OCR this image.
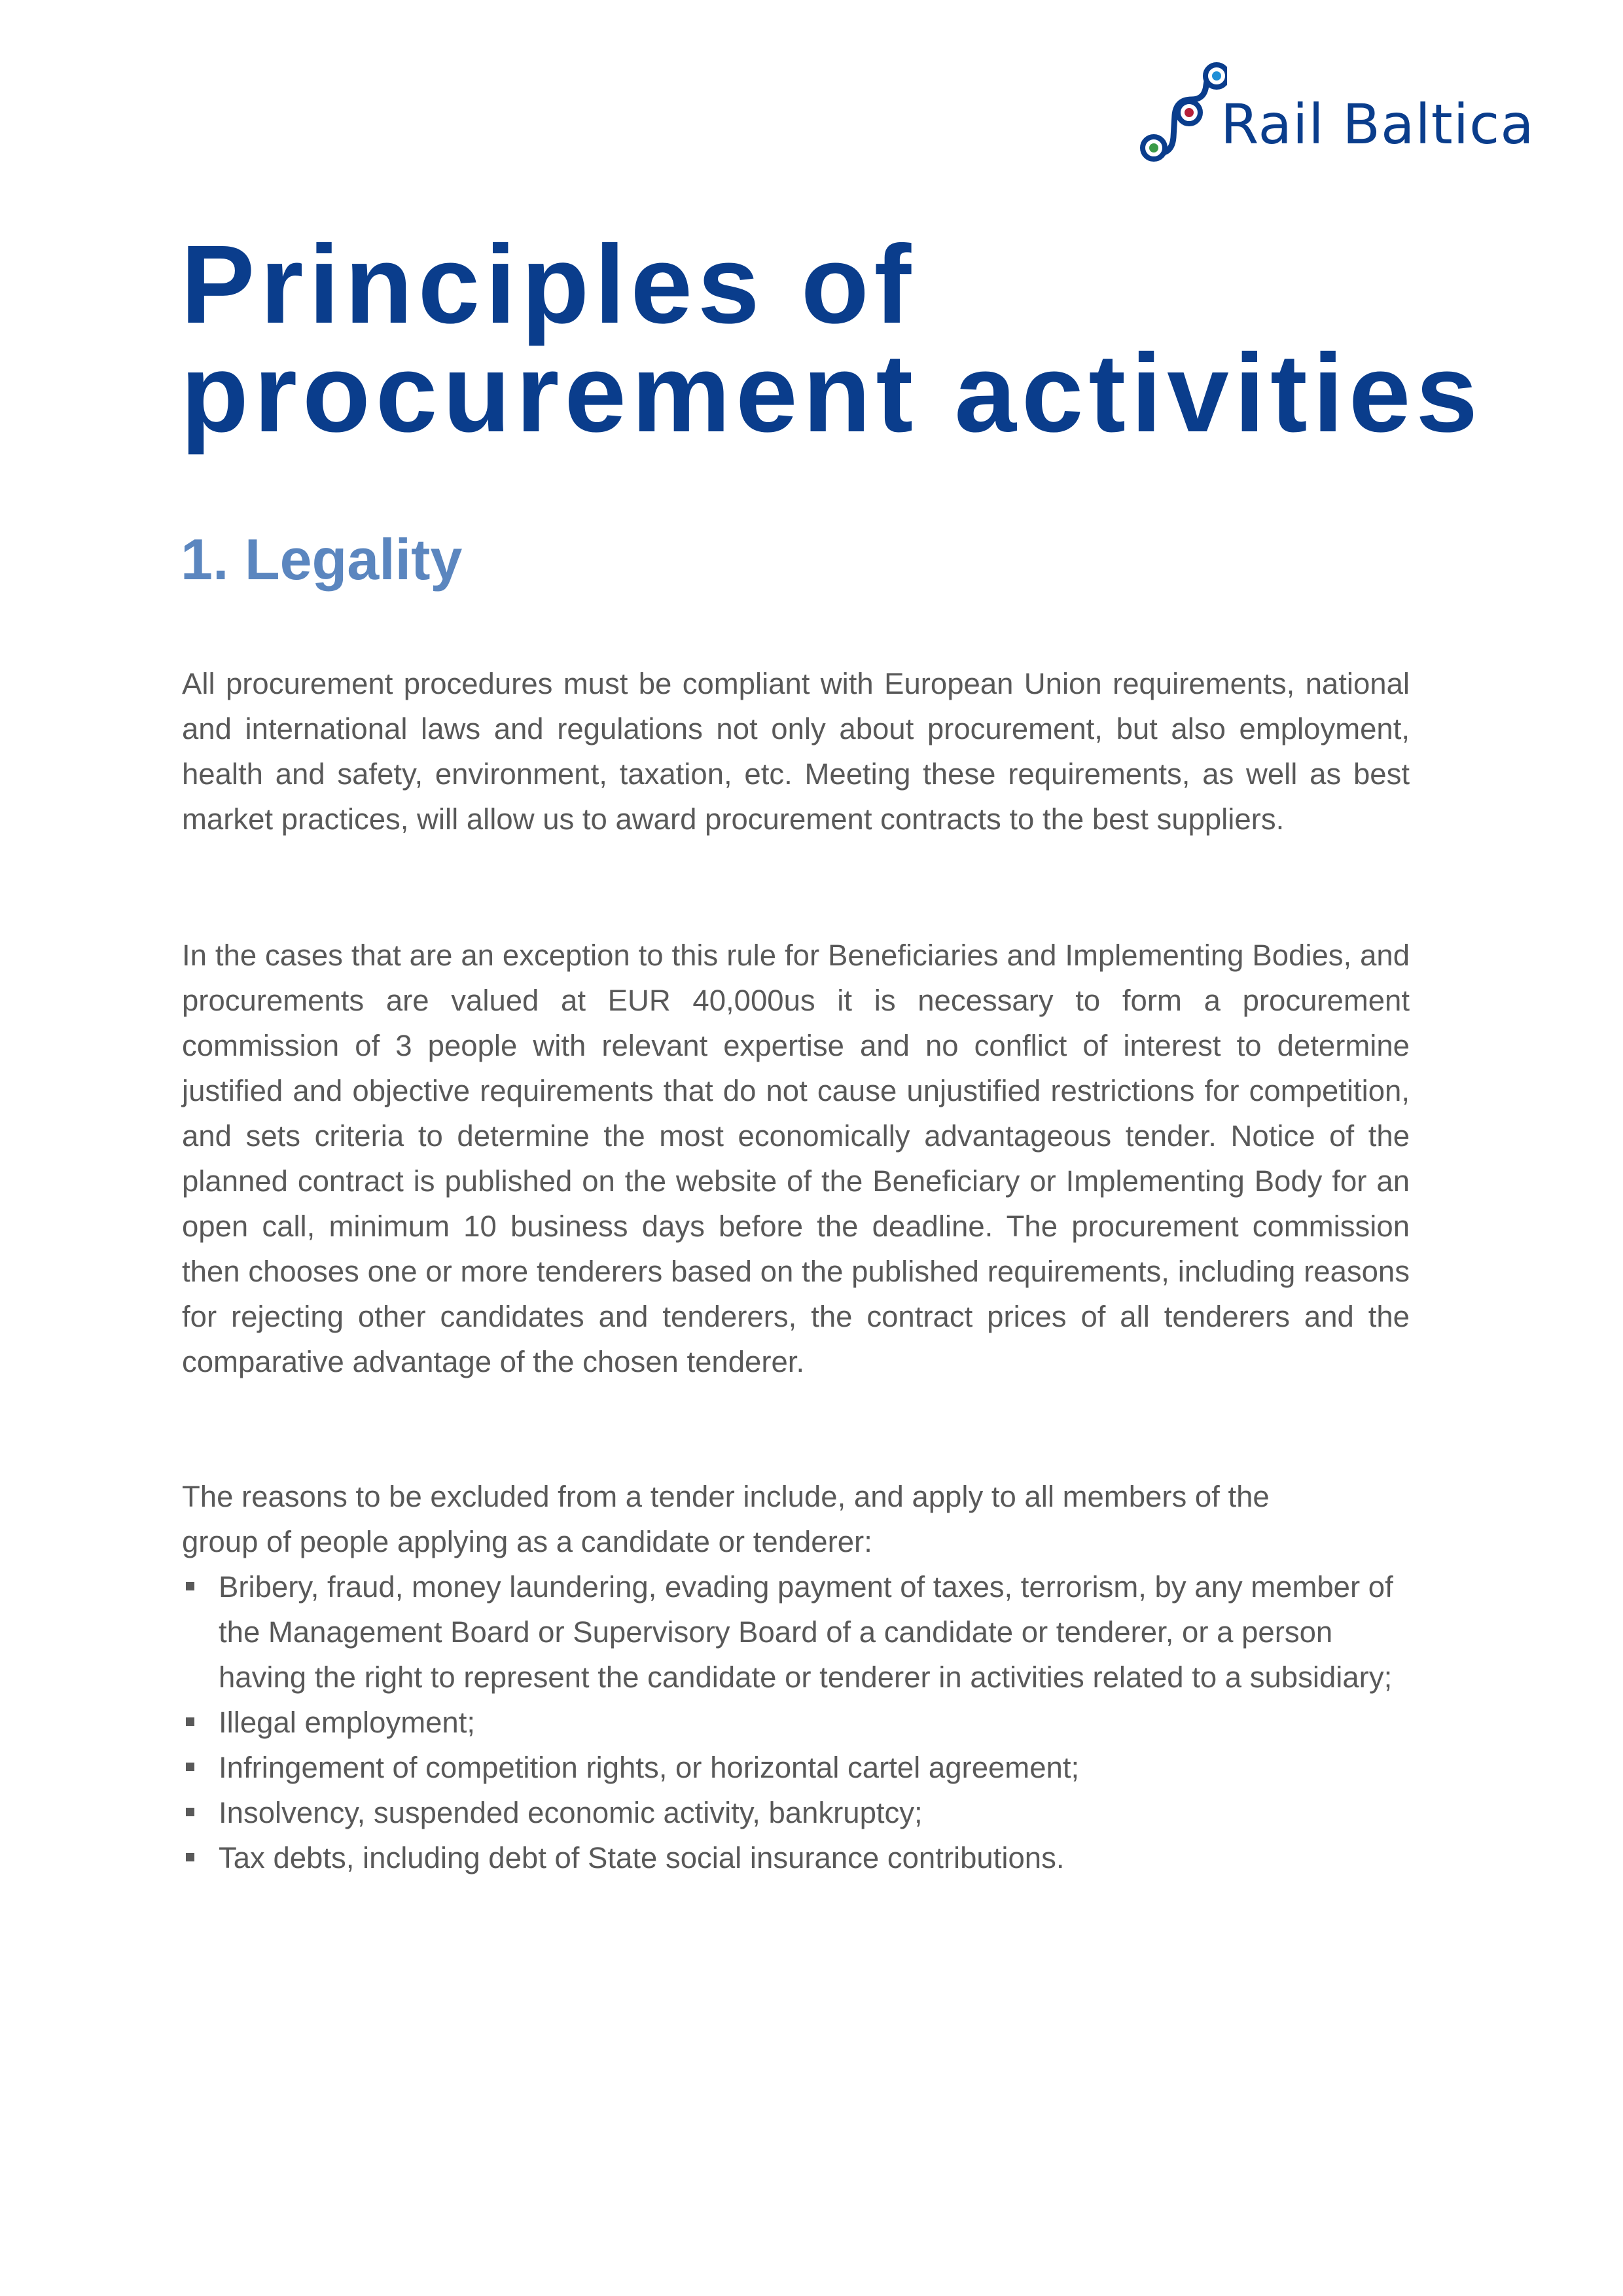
Rail Baltica
Principles of
procurement activities
1. Legality

All procurement procedures must be compliant with European Union requirements, national and international laws and regulations not only about procurement, but also employment, health and safety, environment, taxation, etc. Meeting these requirements, as well as best market practices, will allow us to award procurement contracts to the best suppliers.

In the cases that are an exception to this rule for Beneficiaries and Implementing Bodies, and procurements are valued at EUR 40,000us it is necessary to form a procurement commission of 3 people with relevant expertise and no conflict of interest to determine justified and objective requirements that do not cause unjustified restrictions for competition, and sets criteria to determine the most economically advantageous tender. Notice of the planned contract is published on the website of the Beneficiary or Implementing Body for an open call, minimum 10 business days before the deadline. The procurement commission then chooses one or more tenderers based on the published requirements, including reasons for rejecting other candidates and tenderers, the contract prices of all tenderers and the comparative advantage of the chosen tenderer.

The reasons to be excluded from a tender include, and apply to all members of the
group of people applying as a candidate or tenderer:

Bribery, fraud, money laundering, evading payment of taxes, terrorism, by any member of the Management Board or Supervisory Board of a candidate or tenderer, or a person having the right to represent the candidate or tenderer in activities related to a subsidiary;
Illegal employment;
Infringement of competition rights, or horizontal cartel agreement;
Insolvency, suspended economic activity, bankruptcy;
Tax debts, including debt of State social insurance contributions.
